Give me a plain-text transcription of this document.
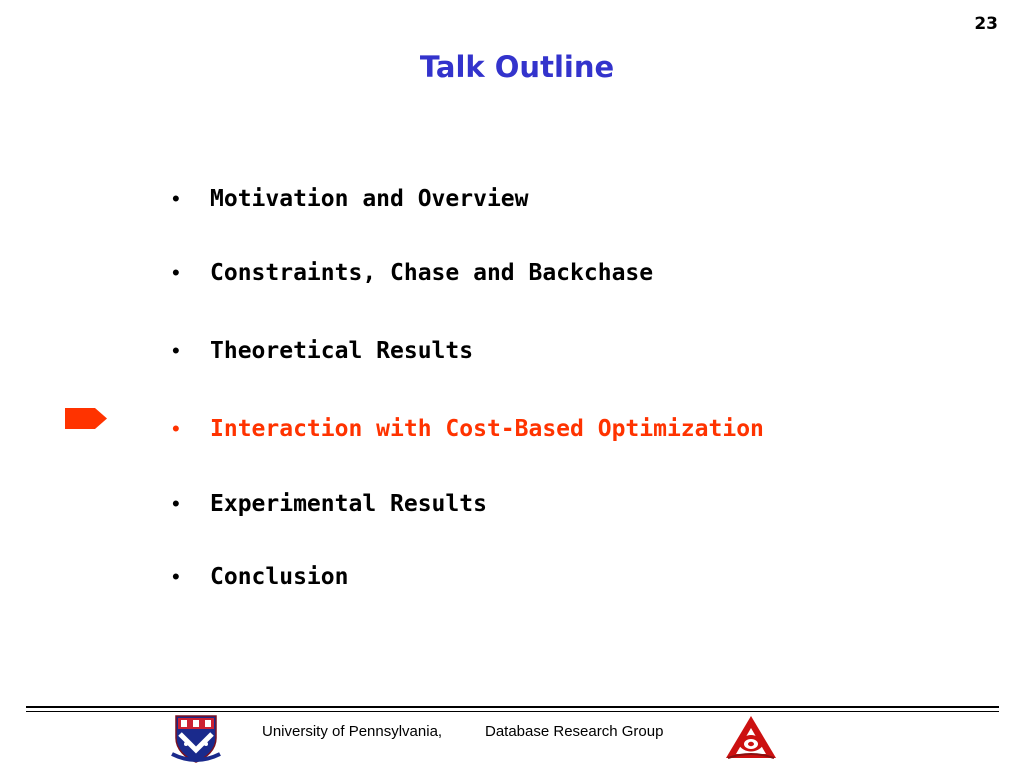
23
Talk Outline
• Motivation and Overview
• Constraints, Chase and Backchase
• Theoretical Results
• Interaction with Cost-Based Optimization
• Experimental Results
• Conclusion
University of Pennsylvania,	Database Research Group
